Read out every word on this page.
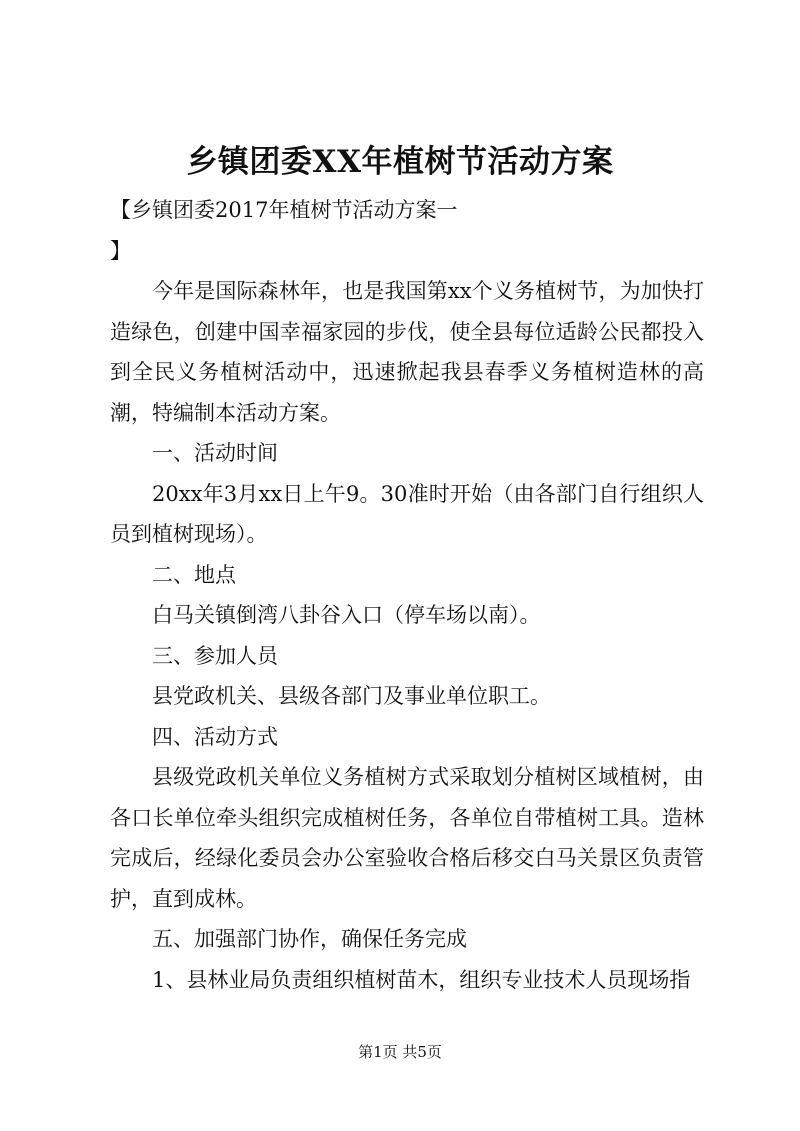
乡镇团委XX年植树节活动方案

【乡镇团委2017年植树节活动方案一

】

今年是国际森林年，也是我国第xx个义务植树节，为加快打造绿色，创建中国幸福家园的步伐，使全县每位适龄公民都投入到全民义务植树活动中，迅速掀起我县春季义务植树造林的高潮，特编制本活动方案。

一、活动时间

20xx年3月xx日上午9。30准时开始（由各部门自行组织人员到植树现场）。

二、地点

白马关镇倒湾八卦谷入口（停车场以南）。

三、参加人员

县党政机关、县级各部门及事业单位职工。

四、活动方式

县级党政机关单位义务植树方式采取划分植树区域植树，由各口长单位牵头组织完成植树任务，各单位自带植树工具。造林完成后，经绿化委员会办公室验收合格后移交白马关景区负责管护，直到成林。

五、加强部门协作，确保任务完成

1、县林业局负责组织植树苗木，组织专业技术人员现场指

第1页 共5页
